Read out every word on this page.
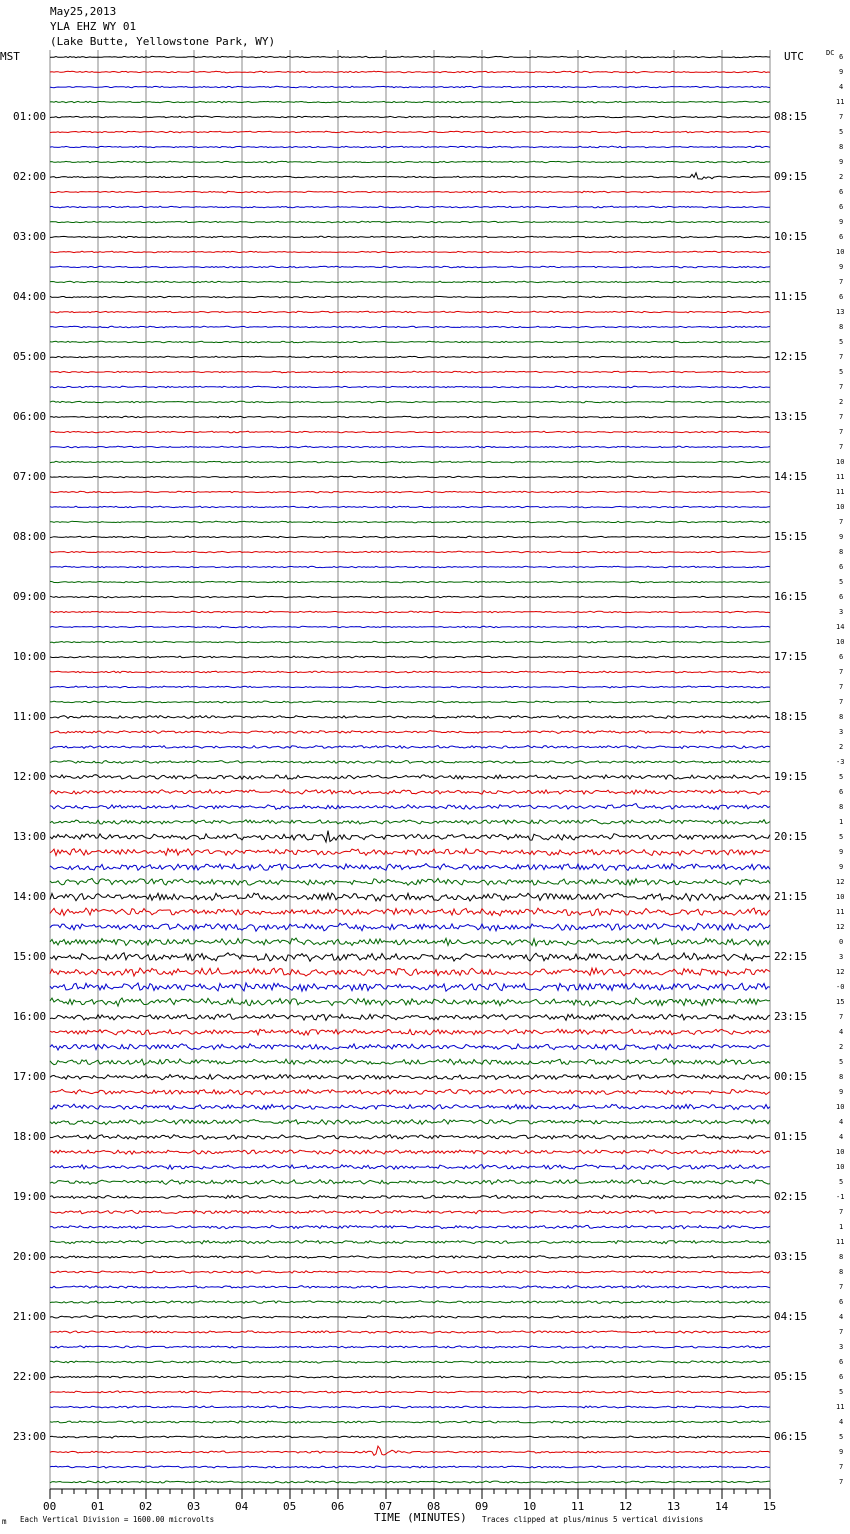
May25,2013
YLA EHZ WY 01
(Lake Butte, Yellowstone Park, WY)
MST	UTC	DC
01:00
02:00
03:00
04:00
05:00
06:00
07:00
08:00
09:00
10:00
11:00
12:00
13:00
14:00
15:00
16:00
17:00
18:00
19:00
20:00
21:00
22:00
23:00
08:15
09:15
10:15
11:15
12:15
13:15
14:15
15:15
16:15
17:15
18:15
19:15
20:15
21:15
22:15
23:15
00:15
01:15
02:15
03:15
04:15
05:15
06:15
6
9
4
11
7
5
8
9
2
6
6
9
6
10
9
7
6
13
8
5
7
5
7
2
7
7
7
10
11
11
10
7
9
8
6
5
6
3
14
10
6
7
7
7
8
3
2
-3
5
6
8
1
5
9
9
12
10
11
12
0
3
12
-0
15
7
4
2
5
8
9
10
4
4
10
10
5
-1
7
1
11
8
8
7
6
4
7
3
6
6
5
11
4
5
9
7
7
00	01	02	03	04	05	06	07	08	09	10	11	12	13	14	15
TIME (MINUTES)
m Each Vertical Division = 1600.00 microvolts	Traces clipped at plus/minus 5 vertical divisions
